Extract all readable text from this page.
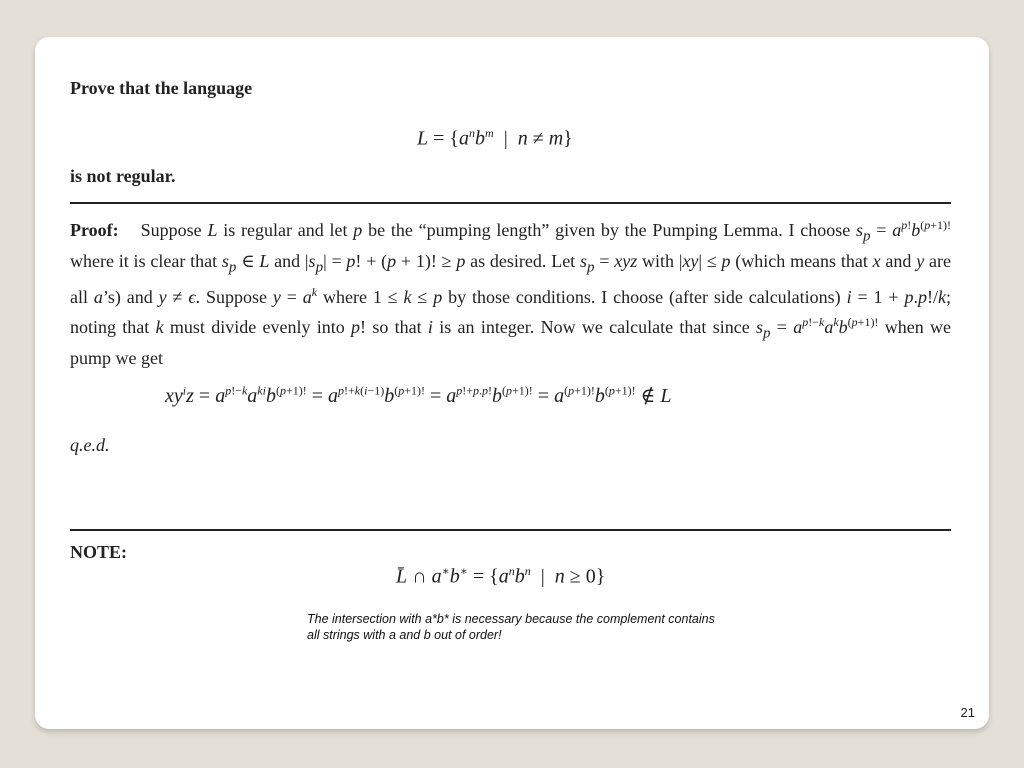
Prove that the language
$L = \{a^nb^m$  |  n ≠ m}
is not regular.
Proof: Suppose L is regular and let p be the “pumping length” given by the Pumping Lemma. I choose $s_p = a^{p!}b^{(p+1)!}$ where it is clear that $s_p$ ∈ L and $|s_p| = p$! + (p + 1)! ≥ p as desired. Let $s_p$ = xyz with |xy| ≤ p (which means that x and y are all a’s) and y ≠ ϵ. Suppose $y = a^k$ where 1 ≤ k ≤ p by those conditions. I choose (after side calculations) i = 1 + p.p!/k; noting that k must divide evenly into p! so that i is an integer. Now we calculate that since $s_p = a^{p!-k}a^kb^{(p+1)!}$ when we pump we get
$xy^iz = a^{p!-k}a^{ki}b^{(p+1)!} = a^{p!+k(i-1)}b^{(p+1)!} = a^{p!+p.p!}b^{(p+1)!} = a^{(p+1)!}b^{(p+1)!}$ ∉ L
q.e.d.
NOTE:
L̄ ∩ $a^∗b^∗ = \{a^nb^n$  |  n ≥ 0}
The intersection with a*b* is necessary because the complement contains all strings with a and b out of order!
21
